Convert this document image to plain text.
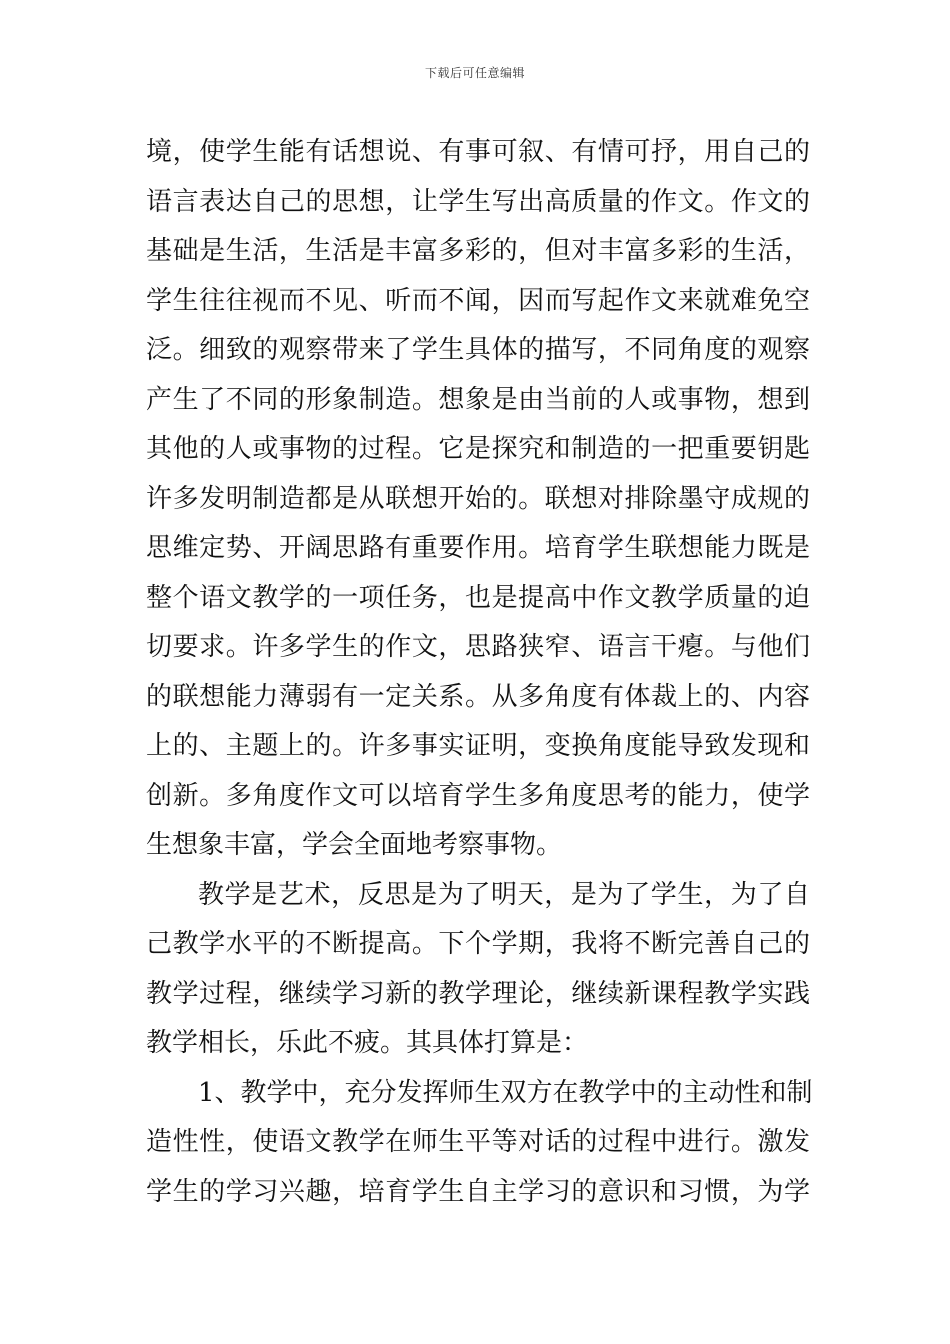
下载后可任意编辑
境，使学生能有话想说、有事可叙、有情可抒，用自己的
语言表达自己的思想，让学生写出高质量的作文。作文的
基础是生活，生活是丰富多彩的，但对丰富多彩的生活，
学生往往视而不见、听而不闻，因而写起作文来就难免空
泛。细致的观察带来了学生具体的描写，不同角度的观察
产生了不同的形象制造。想象是由当前的人或事物，想到
其他的人或事物的过程。它是探究和制造的一把重要钥匙
许多发明制造都是从联想开始的。联想对排除墨守成规的
思维定势、开阔思路有重要作用。培育学生联想能力既是
整个语文教学的一项任务，也是提高中作文教学质量的迫
切要求。许多学生的作文，思路狭窄、语言干瘪。与他们
的联想能力薄弱有一定关系。从多角度有体裁上的、内容
上的、主题上的。许多事实证明，变换角度能导致发现和
创新。多角度作文可以培育学生多角度思考的能力，使学
生想象丰富，学会全面地考察事物。
教学是艺术，反思是为了明天，是为了学生，为了自
己教学水平的不断提高。下个学期，我将不断完善自己的
教学过程，继续学习新的教学理论，继续新课程教学实践
教学相长，乐此不疲。其具体打算是：
1、教学中，充分发挥师生双方在教学中的主动性和制
造性性，使语文教学在师生平等对话的过程中进行。激发
学生的学习兴趣，培育学生自主学习的意识和习惯，为学
